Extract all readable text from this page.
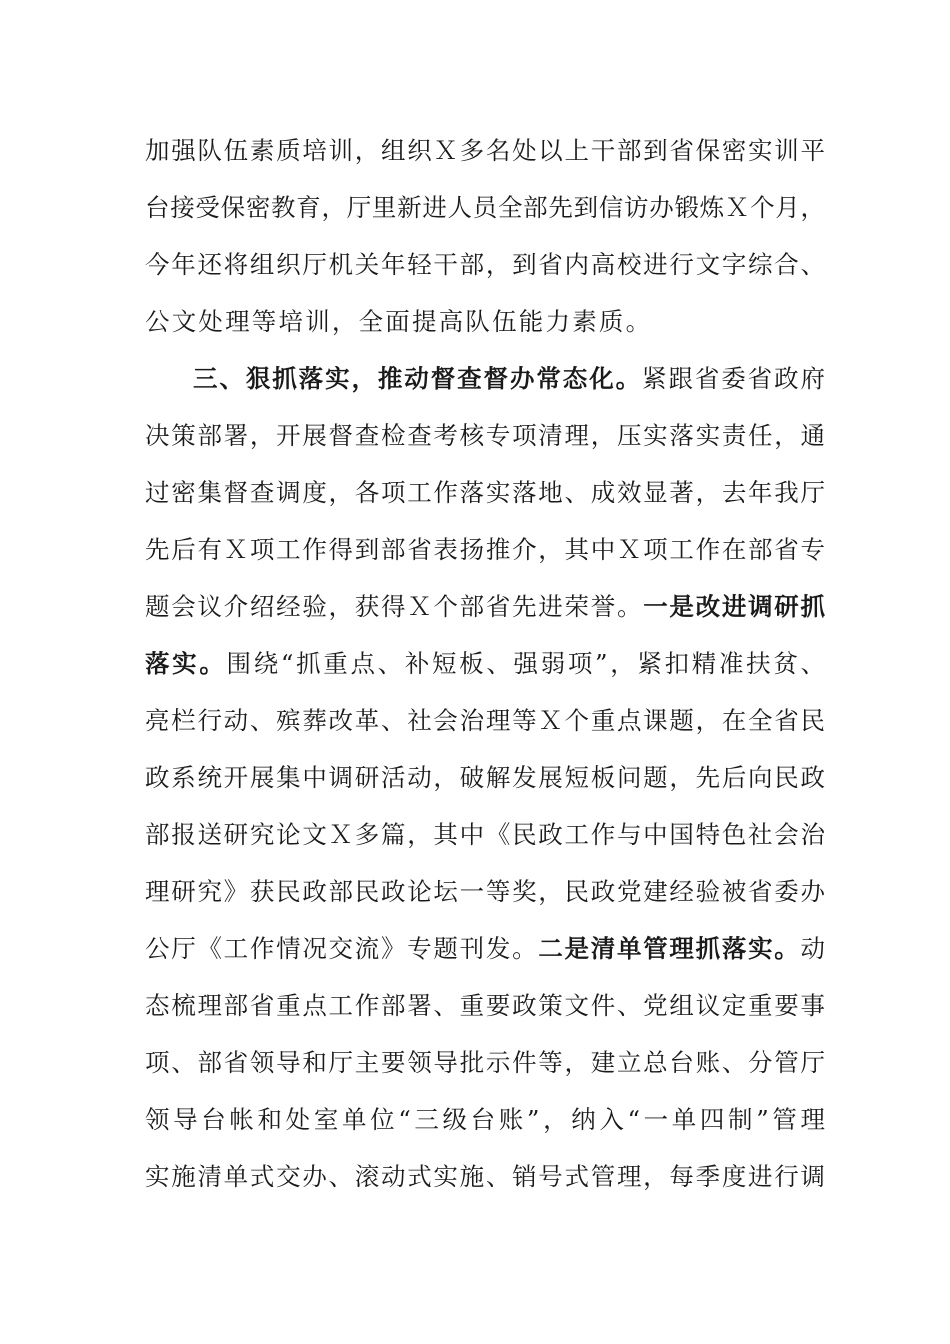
加强队伍素质培训，组织Ｘ多名处以上干部到省保密实训平
台接受保密教育，厅里新进人员全部先到信访办锻炼Ｘ个月，
今年还将组织厅机关年轻干部，到省内高校进行文字综合、
公文处理等培训，全面提高队伍能力素质。
三、狠抓落实，推动督查督办常态化。紧跟省委省政府
决策部署，开展督查检查考核专项清理，压实落实责任，通
过密集督查调度，各项工作落实落地、成效显著，去年我厅
先后有Ｘ项工作得到部省表扬推介，其中Ｘ项工作在部省专
题会议介绍经验，获得Ｘ个部省先进荣誉。一是改进调研抓
落实。围绕“抓重点、补短板、强弱项”，紧扣精准扶贫、
亮栏行动、殡葬改革、社会治理等Ｘ个重点课题，在全省民
政系统开展集中调研活动，破解发展短板问题，先后向民政
部报送研究论文Ｘ多篇，其中《民政工作与中国特色社会治
理研究》获民政部民政论坛一等奖，民政党建经验被省委办
公厅《工作情况交流》专题刊发。二是清单管理抓落实。动
态梳理部省重点工作部署、重要政策文件、党组议定重要事
项、部省领导和厅主要领导批示件等，建立总台账、分管厅
领导台帐和处室单位“三级台账”，纳入“一单四制”管理
实施清单式交办、滚动式实施、销号式管理，每季度进行调
